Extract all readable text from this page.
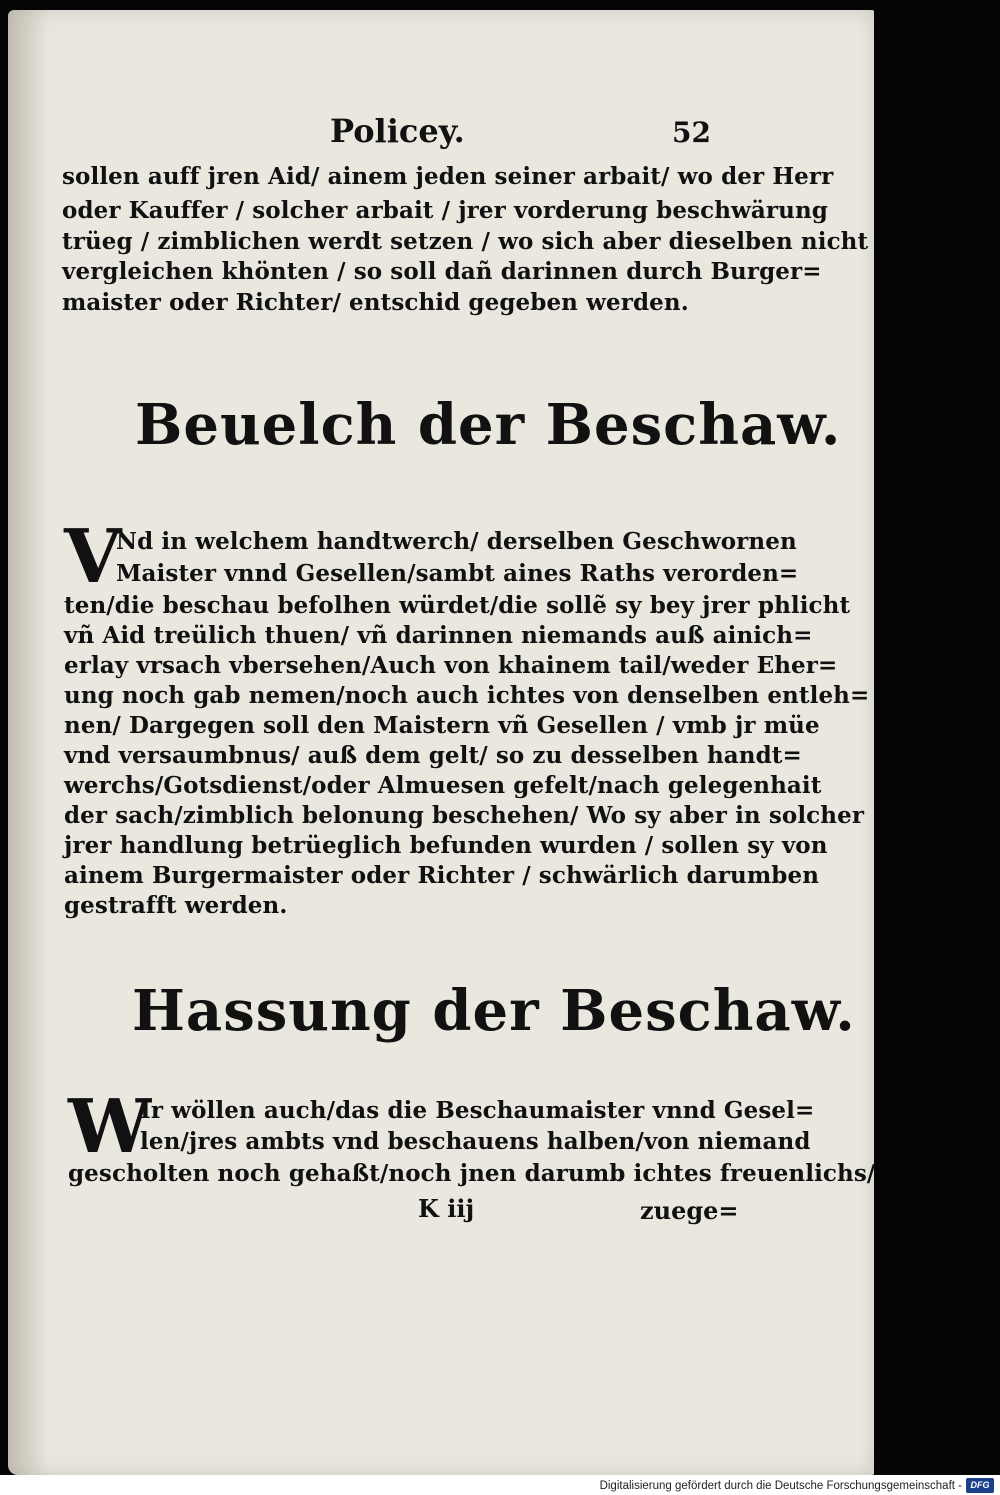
Policey.	52
sollen auff jren Aid/ ainem jeden seiner arbait/ wo der Herr
oder Kauffer / solcher arbait / jrer vorderung beschwärung
trüeg / zimblichen werdt setzen / wo sich aber dieselben nicht
vergleichen khönten / so soll dañ darinnen durch Burger=
maister oder Richter/ entschid gegeben werden.
Beuelch der Beschaw.
V
Nd in welchem handtwerch/ derselben Geschwornen
Maister vnnd Gesellen/sambt aines Raths verorden=
ten/die beschau befolhen würdet/die sollẽ sy bey jrer phlicht
vñ Aid treülich thuen/ vñ darinnen niemands auß ainich=
erlay vrsach vbersehen/Auch von khainem tail/weder Eher=
ung noch gab nemen/noch auch ichtes von denselben entleh=
nen/ Dargegen soll den Maistern vñ Gesellen / vmb jr müe
vnd versaumbnus/ auß dem gelt/ so zu desselben handt=
werchs/Gotsdienst/oder Almuesen gefelt/nach gelegenhait
der sach/zimblich belonung beschehen/ Wo sy aber in solcher
jrer handlung betrüeglich befunden wurden / sollen sy von
ainem Burgermaister oder Richter / schwärlich darumben
gestrafft werden.
Hassung der Beschaw.
W
Ir wöllen auch/das die Beschaumaister vnnd Gesel=
len/jres ambts vnd beschauens halben/von niemand
gescholten noch gehaßt/noch jnen darumb ichtes freuenlichs/
K iij	zuege=
Digitalisierung gefördert durch die Deutsche Forschungsgemeinschaft - DFG
